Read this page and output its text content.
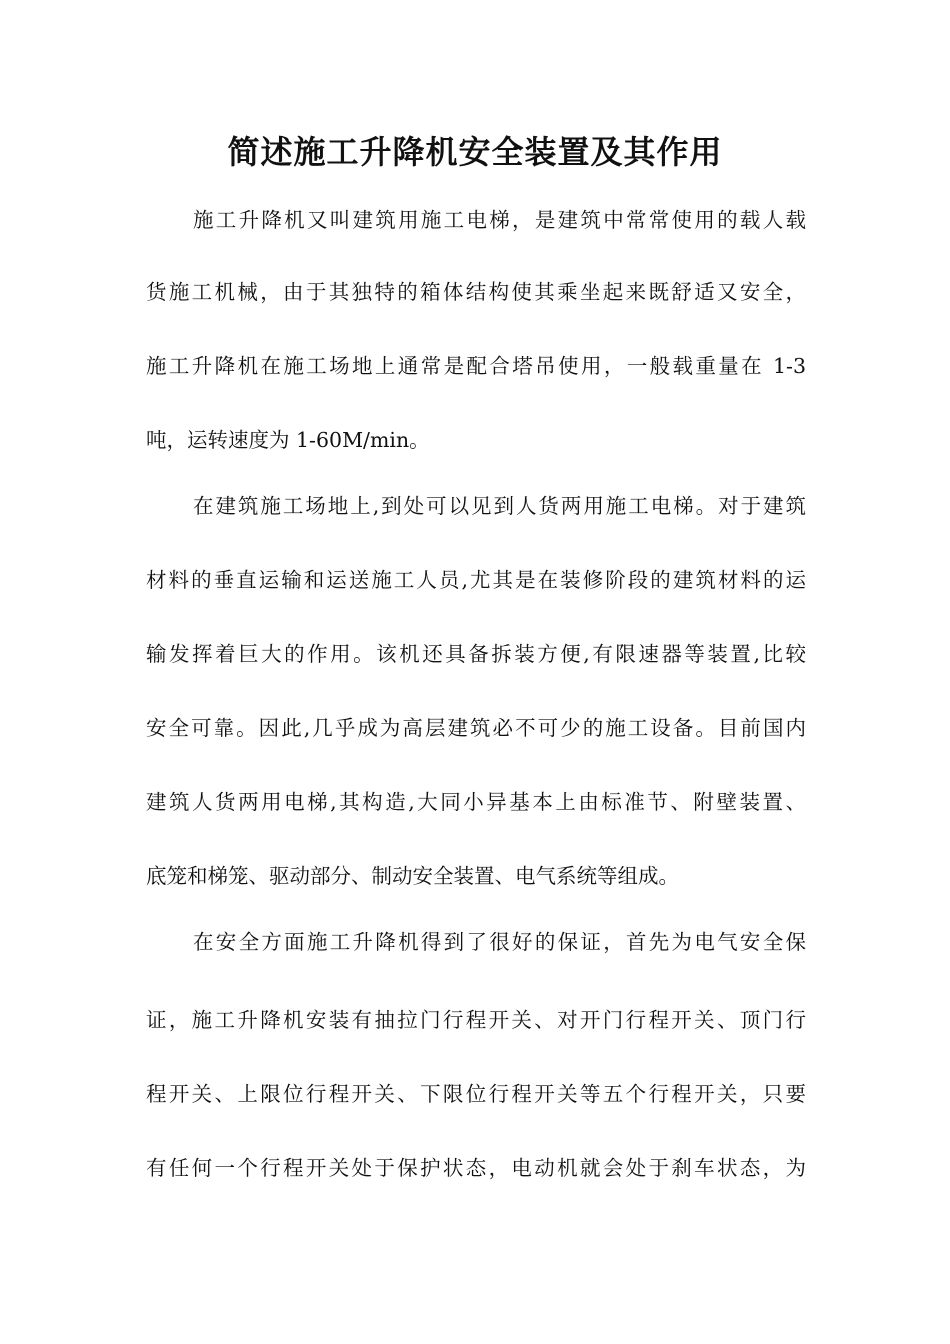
简述施工升降机安全装置及其作用
施工升降机又叫建筑用施工电梯，是建筑中常常使用的载人载
货施工机械，由于其独特的箱体结构使其乘坐起来既舒适又安全，
施工升降机在施工场地上通常是配合塔吊使用，一般载重量在 1-3
吨，运转速度为 1-60M/min。
在建筑施工场地上,到处可以见到人货两用施工电梯。对于建筑
材料的垂直运输和运送施工人员,尤其是在装修阶段的建筑材料的运
输发挥着巨大的作用。该机还具备拆装方便,有限速器等装置,比较
安全可靠。因此,几乎成为高层建筑必不可少的施工设备。目前国内
建筑人货两用电梯,其构造,大同小异基本上由标准节、附壁装置、
底笼和梯笼、驱动部分、制动安全装置、电气系统等组成。
在安全方面施工升降机得到了很好的保证，首先为电气安全保
证，施工升降机安装有抽拉门行程开关、对开门行程开关、顶门行
程开关、上限位行程开关、下限位行程开关等五个行程开关，只要
有任何一个行程开关处于保护状态，电动机就会处于刹车状态，为
